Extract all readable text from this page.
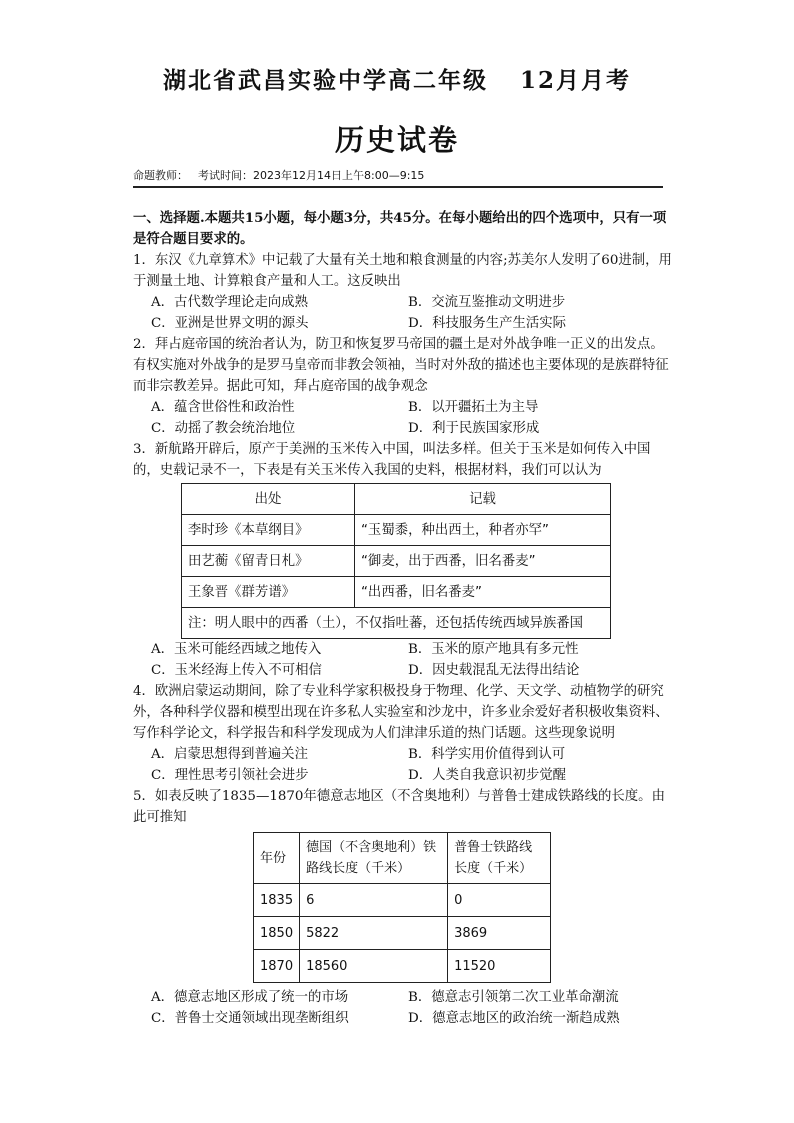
湖北省武昌实验中学高二年级 12月月考
历史试卷
命题教师： 考试时间：2023年12月14日上午8:00—9:15

一、选择题.本题共15小题，每小题3分，共45分。在每小题给出的四个选项中，只有一项是符合题目要求的。

1．东汉《九章算术》中记载了大量有关土地和粮食测量的内容;苏美尔人发明了60进制，用于测量土地、计算粮食产量和人工。这反映出

A．古代数学理论走向成熟	B．交流互鉴推动文明进步
C．亚洲是世界文明的源头	D．科技服务生产生活实际

2．拜占庭帝国的统治者认为，防卫和恢复罗马帝国的疆土是对外战争唯一正义的出发点。有权实施对外战争的是罗马皇帝而非教会领袖，当时对外敌的描述也主要体现的是族群特征而非宗教差异。据此可知，拜占庭帝国的战争观念

A．蕴含世俗性和政治性	B．以开疆拓土为主导
C．动摇了教会统治地位	D．利于民族国家形成

3．新航路开辟后，原产于美洲的玉米传入中国，叫法多样。但关于玉米是如何传入中国的，史载记录不一，下表是有关玉米传入我国的史料，根据材料，我们可以认为

出处	记载
李时珍《本草纲目》	“玉蜀黍，种出西土，种者亦罕”
田艺蘅《留青日札》	“御麦，出于西番，旧名番麦”
王象晋《群芳谱》	“出西番，旧名番麦”
注：明人眼中的西番（土），不仅指吐蕃，还包括传统西域异族番国	
A．玉米可能经西域之地传入	B．玉米的原产地具有多元性
C．玉米经海上传入不可相信	D．因史载混乱无法得出结论

4．欧洲启蒙运动期间，除了专业科学家积极投身于物理、化学、天文学、动植物学的研究外，各种科学仪器和模型出现在许多私人实验室和沙龙中，许多业余爱好者积极收集资料、写作科学论文，科学报告和科学发现成为人们津津乐道的热门话题。这些现象说明

A．启蒙思想得到普遍关注	B．科学实用价值得到认可
C．理性思考引领社会进步	D．人类自我意识初步觉醒

5．如表反映了1835—1870年德意志地区（不含奥地利）与普鲁士建成铁路线的长度。由此可推知

年份	德国（不含奥地利）铁路线长度（千米）	普鲁士铁路线长度（千米）
1835	6	0
1850	5822	3869
1870	18560	11520
A．德意志地区形成了统一的市场	B．德意志引领第二次工业革命潮流
C．普鲁士交通领域出现垄断组织	D．德意志地区的政治统一渐趋成熟
